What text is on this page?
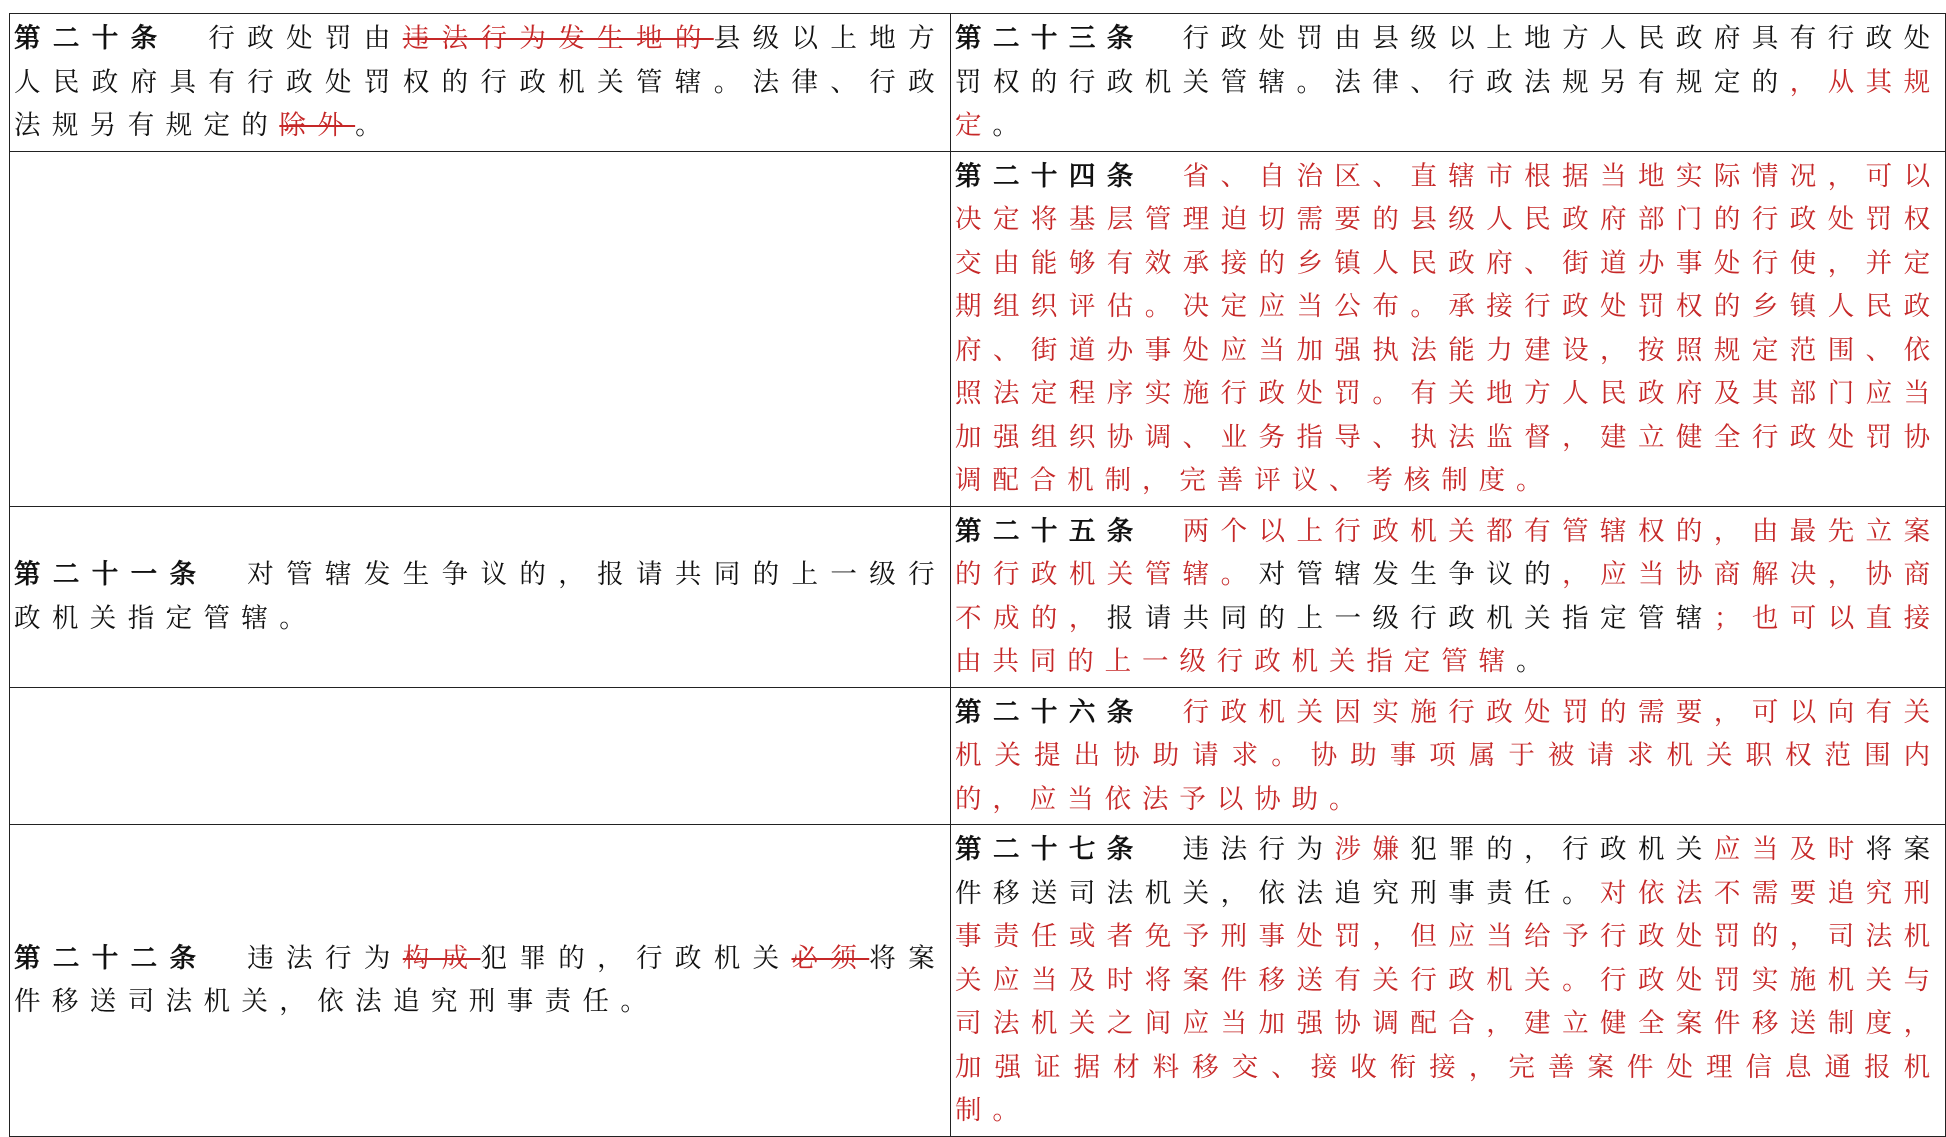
第二十条　行政处罚由违法行为发生地的县级以上地方人民政府具有行政处罚权的行政机关管辖。法律、行政法规另有规定的除外。	第二十三条　行政处罚由县级以上地方人民政府具有行政处罚权的行政机关管辖。法律、行政法规另有规定的，从其规定。
	第二十四条　省、自治区、直辖市根据当地实际情况，可以决定将基层管理迫切需要的县级人民政府部门的行政处罚权交由能够有效承接的乡镇人民政府、街道办事处行使，并定期组织评估。决定应当公布。承接行政处罚权的乡镇人民政府、街道办事处应当加强执法能力建设，按照规定范围、依照法定程序实施行政处罚。有关地方人民政府及其部门应当加强组织协调、业务指导、执法监督，建立健全行政处罚协调配合机制，完善评议、考核制度。
第二十一条　对管辖发生争议的，报请共同的上一级行政机关指定管辖。	第二十五条　两个以上行政机关都有管辖权的，由最先立案的行政机关管辖。对管辖发生争议的，应当协商解决，协商不成的，报请共同的上一级行政机关指定管辖；也可以直接由共同的上一级行政机关指定管辖。
	第二十六条　行政机关因实施行政处罚的需要，可以向有关机关提出协助请求。协助事项属于被请求机关职权范围内的，应当依法予以协助。
第二十二条　违法行为构成犯罪的，行政机关必须将案件移送司法机关，依法追究刑事责任。	第二十七条　违法行为涉嫌犯罪的，行政机关应当及时将案件移送司法机关，依法追究刑事责任。对依法不需要追究刑事责任或者免予刑事处罚，但应当给予行政处罚的，司法机关应当及时将案件移送有关行政机关。行政处罚实施机关与司法机关之间应当加强协调配合，建立健全案件移送制度，加强证据材料移交、接收衔接，完善案件处理信息通报机制。
